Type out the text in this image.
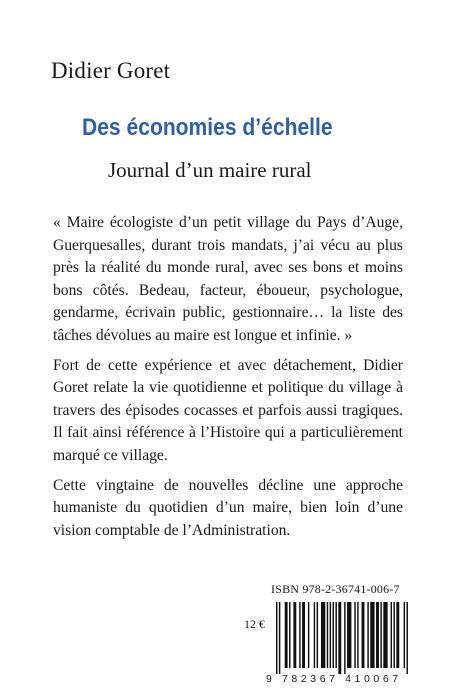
Didier Goret
Des économies d’échelle
Journal d’un maire rural

« Maire écologiste d’un petit village du Pays d’Auge, Guerquesalles, durant trois mandats, j’ai vécu au plus près la réalité du monde rural, avec ses bons et moins bons côtés. Bedeau, facteur, éboueur, psychologue, gendarme, écrivain public, gestionnaire… la liste des tâches dévolues au maire est longue et infinie. »

Fort de cette expérience et avec détachement, Didier Goret relate la vie quotidienne et politique du village à travers des épisodes cocasses et parfois aussi tragiques. Il fait ainsi référence à l’Histoire qui a particulièrement marqué ce village.

Cette vingtaine de nouvelles décline une approche humaniste du quotidien d’un maire, bien loin d’une vision comptable de l’Administration.

12 €
ISBN 978-2-36741-006-7
9 782367 410067
